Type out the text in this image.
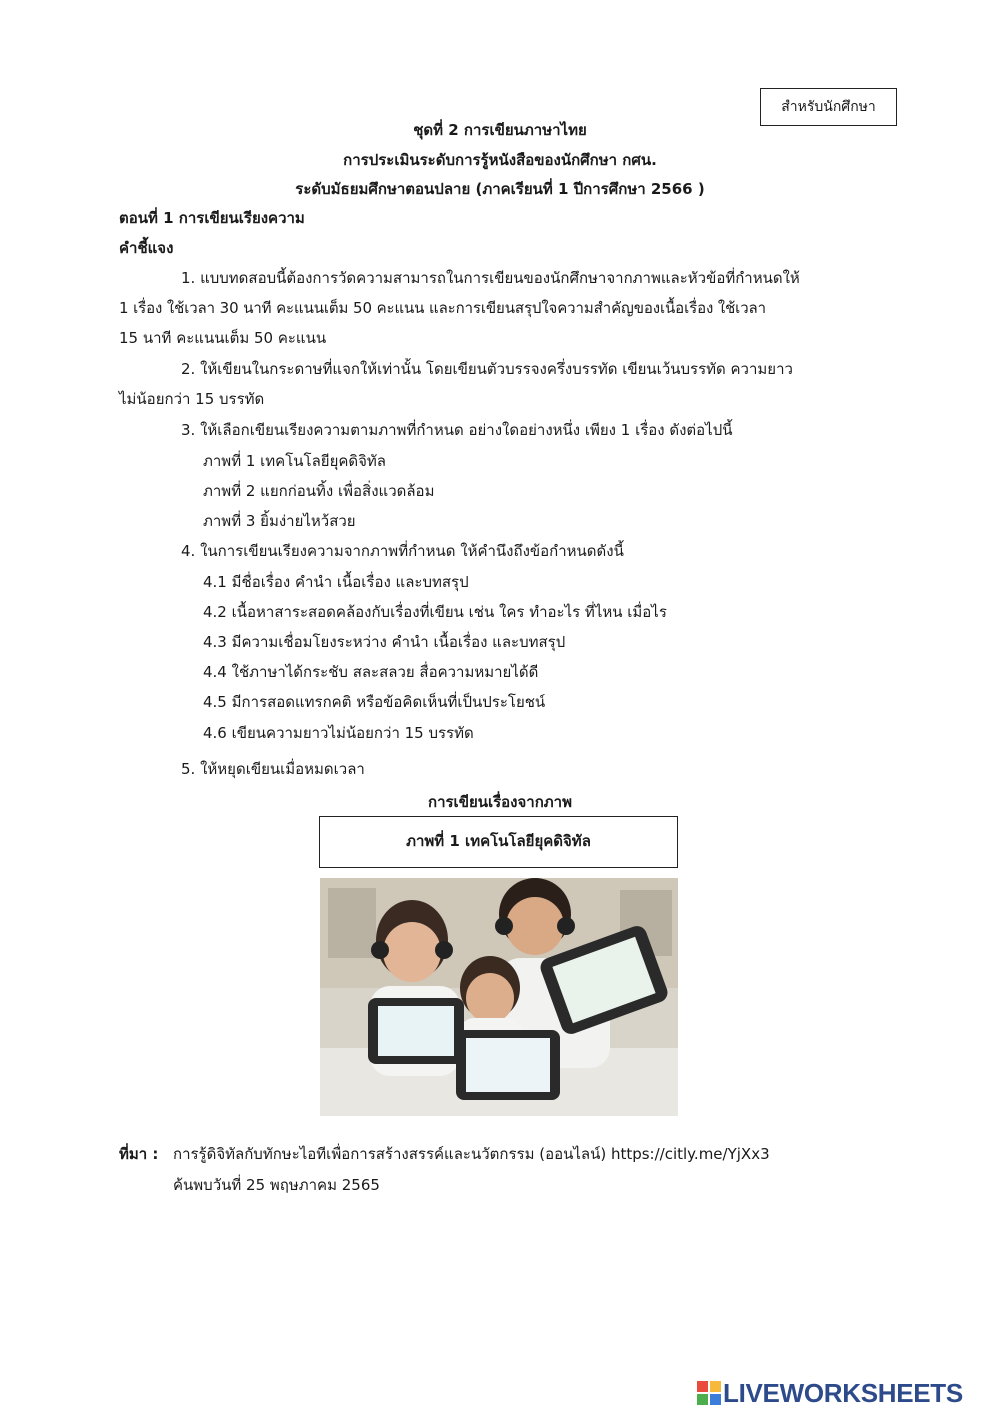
สำหรับนักศึกษา
ชุดที่ 2 การเขียนภาษาไทย
การประเมินระดับการรู้หนังสือของนักศึกษา กศน.
ระดับมัธยมศึกษาตอนปลาย (ภาคเรียนที่ 1 ปีการศึกษา 2566 )
ตอนที่ 1 การเขียนเรียงความ
คำชี้แจง
1. แบบทดสอบนี้ต้องการวัดความสามารถในการเขียนของนักศึกษาจากภาพและหัวข้อที่กำหนดให้
1 เรื่อง ใช้เวลา 30 นาที คะแนนเต็ม 50 คะแนน และการเขียนสรุปใจความสำคัญของเนื้อเรื่อง ใช้เวลา
15 นาที คะแนนเต็ม 50 คะแนน
2. ให้เขียนในกระดาษที่แจกให้เท่านั้น โดยเขียนตัวบรรจงครึ่งบรรทัด เขียนเว้นบรรทัด ความยาว
ไม่น้อยกว่า 15 บรรทัด
3. ให้เลือกเขียนเรียงความตามภาพที่กำหนด อย่างใดอย่างหนึ่ง เพียง 1 เรื่อง ดังต่อไปนี้
ภาพที่ 1 เทคโนโลยียุคดิจิทัล
ภาพที่ 2 แยกก่อนทิ้ง เพื่อสิ่งแวดล้อม
ภาพที่ 3 ยิ้มง่ายไหว้สวย
4. ในการเขียนเรียงความจากภาพที่กำหนด ให้คำนึงถึงข้อกำหนดดังนี้
4.1 มีชื่อเรื่อง คำนำ เนื้อเรื่อง และบทสรุป
4.2 เนื้อหาสาระสอดคล้องกับเรื่องที่เขียน เช่น ใคร ทำอะไร ที่ไหน เมื่อไร
4.3 มีความเชื่อมโยงระหว่าง คำนำ เนื้อเรื่อง และบทสรุป
4.4 ใช้ภาษาได้กระชับ สละสลวย สื่อความหมายได้ดี
4.5 มีการสอดแทรกคติ หรือข้อคิดเห็นที่เป็นประโยชน์
4.6 เขียนความยาวไม่น้อยกว่า 15 บรรทัด
5. ให้หยุดเขียนเมื่อหมดเวลา
การเขียนเรื่องจากภาพ
ภาพที่ 1 เทคโนโลยียุคดิจิทัล
ที่มา : การรู้ดิจิทัลกับทักษะไอทีเพื่อการสร้างสรรค์และนวัตกรรม (ออนไลน์) https://citly.me/YjXx3
ค้นพบวันที่ 25 พฤษภาคม 2565
LIVEWORKSHEETS
